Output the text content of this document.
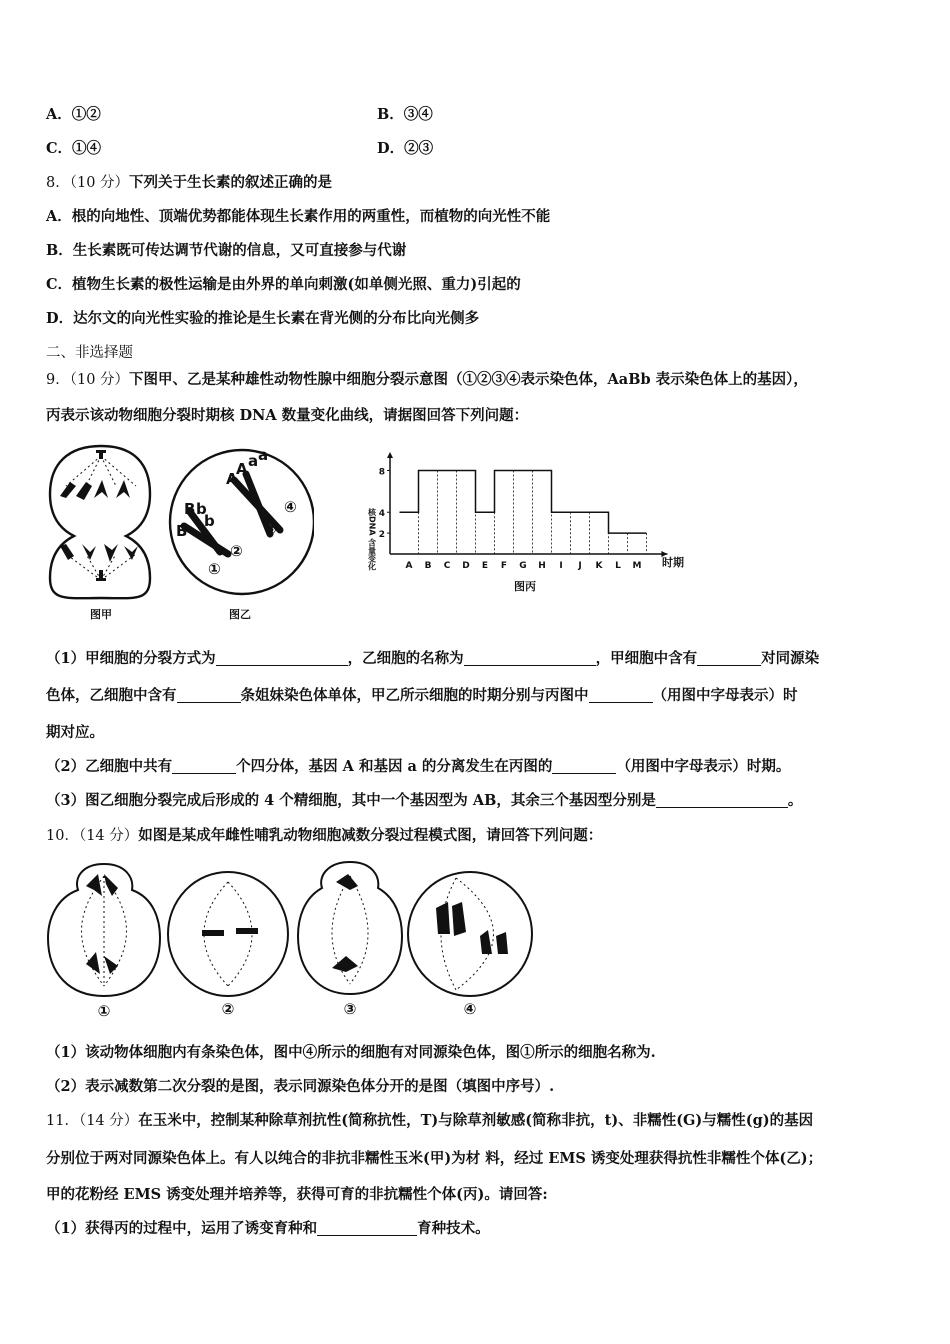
A．①②	B．③④
C．①④	D．②③
8．（10 分）下列关于生长素的叙述正确的是
A．根的向地性、顶端优势都能体现生长素作用的两重性，而植物的向光性不能
B．生长素既可传达调节代谢的信息，又可直接参与代谢
C．植物生长素的极性运输是由外界的单向刺激(如单侧光照、重力)引起的
D．达尔文的向光性实验的推论是生长素在背光侧的分布比向光侧多
二、非选择题
9．（10 分）下图甲、乙是某种雄性动物性腺中细胞分裂示意图（①②③④表示染色体，AaBb 表示染色体上的基因），
丙表示该动物细胞分裂时期核 DNA 数量变化曲线，请据图回答下列问题：
图甲
A
A a a
B b
B
b
①
②
③
④
图乙
A B C D E F G H I J K L M
2
4
8
核DNA 含量变化	时期
图丙
（1）甲细胞的分裂方式为	，乙细胞的名称为	，甲细胞中含有	对同源染
色体，乙细胞中含有	条姐妹染色体单体，甲乙所示细胞的时期分别与丙图中	（用图中字母表示）时
期对应。
（2）乙细胞中共有	个四分体，基因 A 和基因 a 的分离发生在丙图的	（用图中字母表示）时期。
（3）图乙细胞分裂完成后形成的 4 个精细胞，其中一个基因型为 AB，其余三个基因型分别是	。
10．（14 分）如图是某成年雌性哺乳动物细胞减数分裂过程模式图，请回答下列问题：
①	②	③	④
（1）该动物体细胞内有条染色体，图中④所示的细胞有对同源染色体，图①所示的细胞名称为.
（2）表示减数第二次分裂的是图，表示同源染色体分开的是图（填图中序号）.
11．（14 分）在玉米中，控制某种除草剂抗性(简称抗性，T)与除草剂敏感(简称非抗，t)、非糯性(G)与糯性(g)的基因
分别位于两对同源染色体上。有人以纯合的非抗非糯性玉米(甲)为材 料，经过 EMS 诱变处理获得抗性非糯性个体(乙)；
甲的花粉经 EMS 诱变处理并培养等，获得可育的非抗糯性个体(丙)。请回答:
（1）获得丙的过程中，运用了诱变育种和	育种技术。
